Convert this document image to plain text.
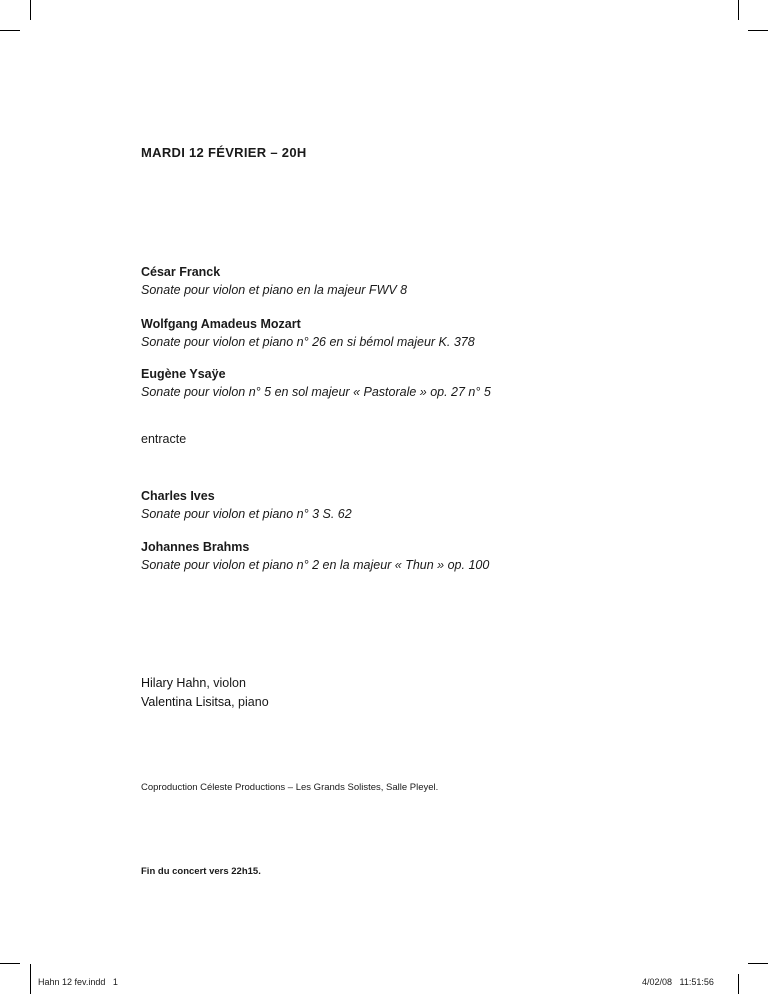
MARDI 12 FÉVRIER – 20H
César Franck
Sonate pour violon et piano en la majeur FWV 8
Wolfgang Amadeus Mozart
Sonate pour violon et piano n° 26 en si bémol majeur K. 378
Eugène Ysaÿe
Sonate pour violon n° 5 en sol majeur « Pastorale » op. 27 n° 5
entracte
Charles Ives
Sonate pour violon et piano n° 3 S. 62
Johannes Brahms
Sonate pour violon et piano n° 2 en la majeur « Thun » op. 100
Hilary Hahn, violon
Valentina Lisitsa, piano
Coproduction Céleste Productions – Les Grands Solistes, Salle Pleyel.
Fin du concert vers 22h15.
Hahn 12 fev.indd   1	4/02/08   11:51:56
